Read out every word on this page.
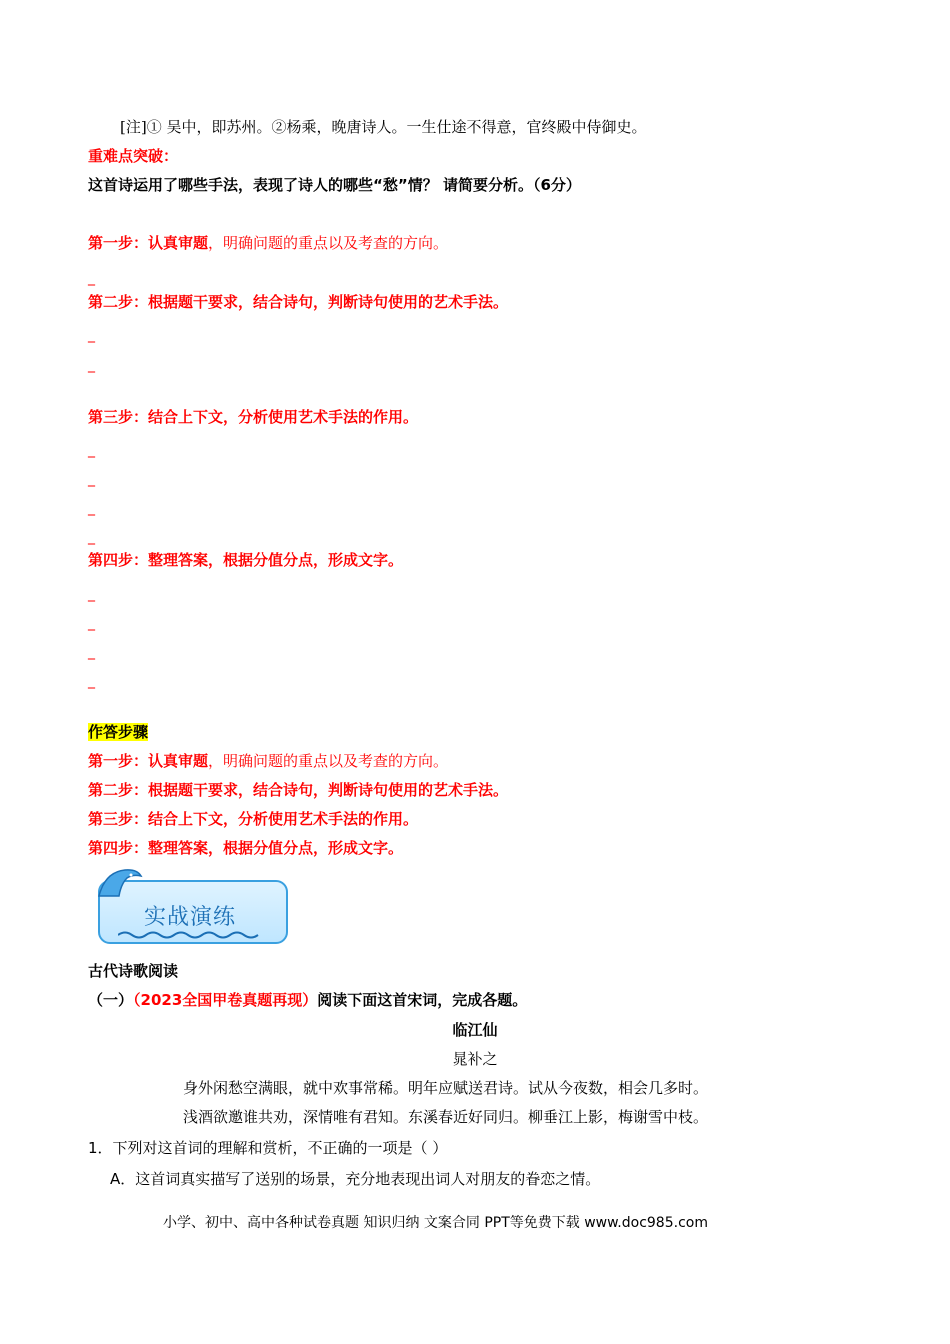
[注]① 吴中，即苏州。②杨乘，晚唐诗人。一生仕途不得意，官终殿中侍御史。
重难点突破：
这首诗运用了哪些手法，表现了诗人的哪些“愁”情？ 请简要分析。（6分）
第一步：认真审题，明确问题的重点以及考查的方向。
_
第二步：根据题干要求，结合诗句，判断诗句使用的艺术手法。
_
_
第三步：结合上下文，分析使用艺术手法的作用。
_
_
_
_
第四步：整理答案，根据分值分点，形成文字。
_
_
_
_
作答步骤
第一步：认真审题，明确问题的重点以及考查的方向。
第二步：根据题干要求，结合诗句，判断诗句使用的艺术手法。
第三步：结合上下文，分析使用艺术手法的作用。
第四步：整理答案，根据分值分点，形成文字。
实战演练
古代诗歌阅读
（一）（2023全国甲卷真题再现）阅读下面这首宋词，完成各题。
临江仙
晁补之
身外闲愁空满眼，就中欢事常稀。明年应赋送君诗。试从今夜数，相会几多时。
浅酒欲邀谁共劝，深情唯有君知。东溪春近好同归。柳垂江上影，梅谢雪中枝。
1．下列对这首词的理解和赏析，不正确的一项是（ ）
A．这首词真实描写了送别的场景，充分地表现出词人对朋友的眷恋之情。
小学、初中、高中各种试卷真题 知识归纳 文案合同 PPT等免费下载 www.doc985.com
